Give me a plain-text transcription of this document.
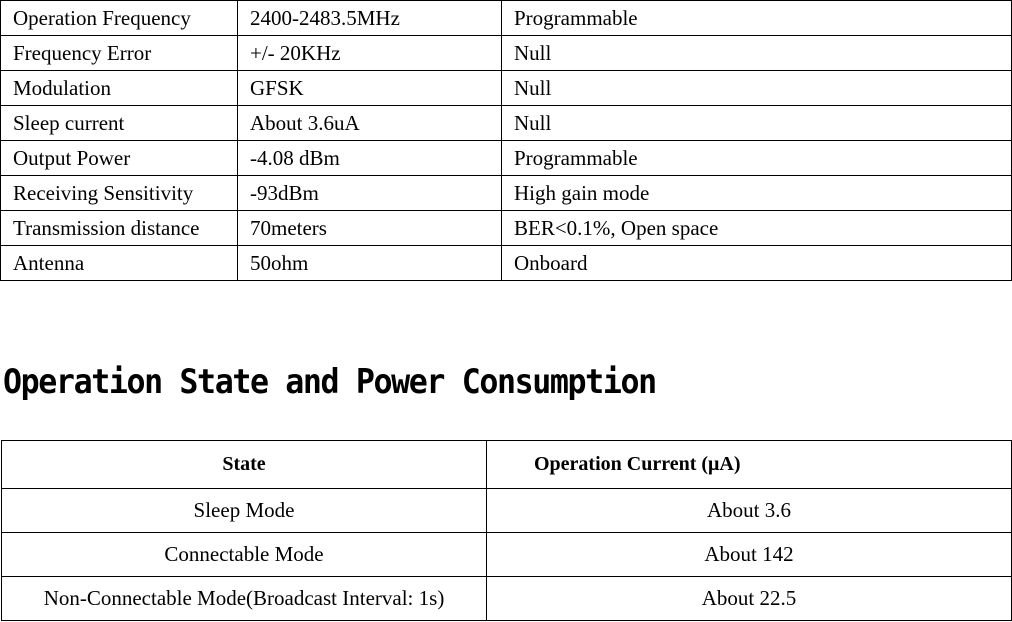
Operation Frequency	2400-2483.5MHz	Programmable
Frequency Error	+/- 20KHz	Null
Modulation	GFSK	Null
Sleep current	About 3.6uA	Null
Output Power	-4.08 dBm	Programmable
Receiving Sensitivity	-93dBm	High gain mode
Transmission distance	70meters	BER<0.1%, Open space
Antenna	50ohm	Onboard
Operation State and Power Consumption
State	Operation Current (μA)
Sleep Mode	About 3.6
Connectable Mode	About 142
Non-Connectable Mode(Broadcast Interval: 1s)	About 22.5
